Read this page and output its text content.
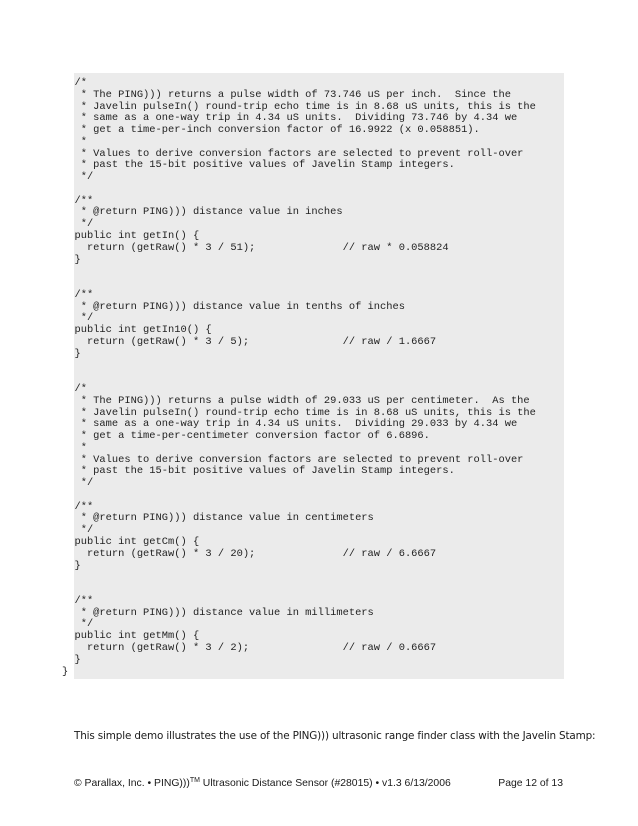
/*
* The PING))) returns a pulse width of 73.746 uS per inch.  Since the
* Javelin pulseIn() round-trip echo time is in 8.68 uS units, this is the
* same as a one-way trip in 4.34 uS units.  Dividing 73.746 by 4.34 we
* get a time-per-inch conversion factor of 16.9922 (x 0.058851).
*
* Values to derive conversion factors are selected to prevent roll-over
* past the 15-bit positive values of Javelin Stamp integers.
*/
/**
* @return PING))) distance value in inches
*/
public int getIn() {
return (getRaw() * 3 / 51);              // raw * 0.058824
}
/**
* @return PING))) distance value in tenths of inches
*/
public int getIn10() {
return (getRaw() * 3 / 5);               // raw / 1.6667
}
/*
* The PING))) returns a pulse width of 29.033 uS per centimeter.  As the
* Javelin pulseIn() round-trip echo time is in 8.68 uS units, this is the
* same as a one-way trip in 4.34 uS units.  Dividing 29.033 by 4.34 we
* get a time-per-centimeter conversion factor of 6.6896.
*
* Values to derive conversion factors are selected to prevent roll-over
* past the 15-bit positive values of Javelin Stamp integers.
*/
/**
* @return PING))) distance value in centimeters
*/
public int getCm() {
return (getRaw() * 3 / 20);              // raw / 6.6667
}
/**
* @return PING))) distance value in millimeters
*/
public int getMm() {
return (getRaw() * 3 / 2);               // raw / 0.6667
}
}
This simple demo illustrates the use of the PING))) ultrasonic range finder class with the Javelin Stamp:
© Parallax, Inc. • PING)))™ Ultrasonic Distance Sensor (#28015) • v1.3 6/13/2006	Page 12 of 13
